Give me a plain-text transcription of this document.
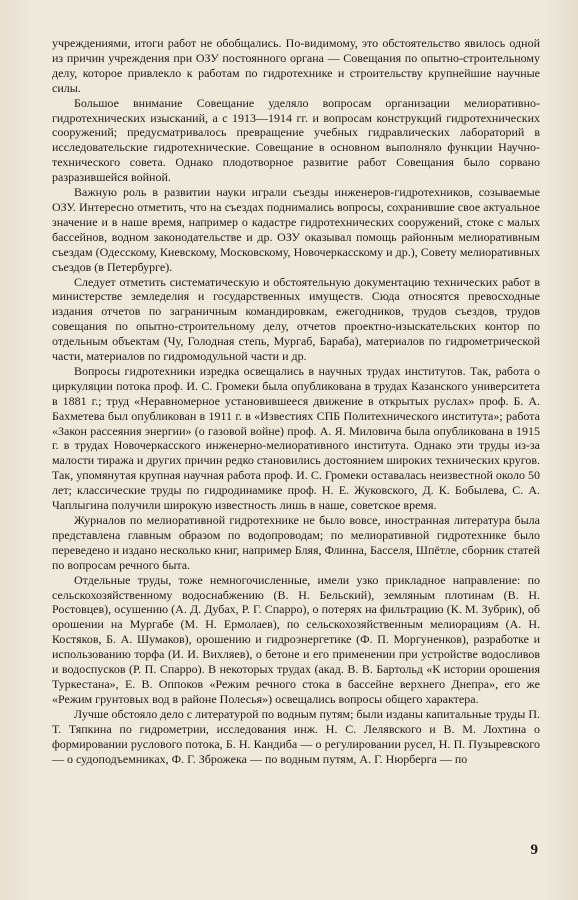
учреждениями, итоги работ не обобщались. По-видимому, это обстоятельство явилось одной из причин учреждения при ОЗУ постоянного органа — Совещания по опытно-строительному делу, которое привлекло к работам по гидротехнике и строительству крупнейшие научные силы.

Большое внимание Совещание уделяло вопросам организации мелиоративно-гидротехнических изысканий, а с 1913—1914 гг. и вопросам конструкций гидротехнических сооружений; предусматривалось превращение учебных гидравлических лабораторий в исследовательские гидротехнические. Совещание в основном выполняло функции Научно-технического совета. Однако плодотворное развитие работ Совещания было сорвано разразившейся войной.

Важную роль в развитии науки играли съезды инженеров-гидротехников, созываемые ОЗУ. Интересно отметить, что на съездах поднимались вопросы, сохранившие свое актуальное значение и в наше время, например о кадастре гидротехнических сооружений, стоке с малых бассейнов, водном законодательстве и др. ОЗУ оказывал помощь районным мелиоративным съездам (Одесскому, Киевскому, Московскому, Новочеркасскому и др.), Совету мелиоративных съездов (в Петербурге).

Следует отметить систематическую и обстоятельную документацию технических работ в министерстве земледелия и государственных имуществ. Сюда относятся превосходные издания отчетов по заграничным командировкам, ежегодников, трудов съездов, трудов совещания по опытно-строительному делу, отчетов проектно-изыскательских контор по отдельным объектам (Чу, Голодная степь, Мургаб, Бараба), материалов по гидрометрической части, материалов по гидромодульной части и др.

Вопросы гидротехники изредка освещались в научных трудах институтов. Так, работа о циркуляции потока проф. И. С. Громеки была опубликована в трудах Казанского университета в 1881 г.; труд «Неравномерное установившееся движение в открытых руслах» проф. Б. А. Бахметева был опубликован в 1911 г. в «Известиях СПБ Политехнического института»; работа «Закон рассеяния энергии» (о газовой войне) проф. А. Я. Миловича была опубликована в 1915 г. в трудах Новочеркасского инженерно-мелиоративного института. Однако эти труды из-за малости тиража и других причин редко становились достоянием широких технических кругов. Так, упомянутая крупная научная работа проф. И. С. Громеки оставалась неизвестной около 50 лет; классические труды по гидродинамике проф. Н. Е. Жуковского, Д. К. Бобылева, С. А. Чаплыгина получили широкую известность лишь в наше, советское время.

Журналов по мелиоративной гидротехнике не было вовсе, иностранная литература была представлена главным образом по водопроводам; по мелиоративной гидротехнике было переведено и издано несколько книг, например Бляя, Флинна, Басселя, Шпётле, сборник статей по вопросам речного быта.

Отдельные труды, тоже немногочисленные, имели узко прикладное направление: по сельскохозяйственному водоснабжению (В. Н. Бельский), земляным плотинам (В. Н. Ростовцев), осушению (А. Д. Дубах, Р. Г. Спарро), о потерях на фильтрацию (К. М. Зубрик), об орошении на Мургабе (М. Н. Ермолаев), по сельскохозяйственным мелиорациям (А. Н. Костяков, Б. А. Шумаков), орошению и гидроэнергетике (Ф. П. Моргуненков), разработке и использованию торфа (И. И. Вихляев), о бетоне и его применении при устройстве водосливов и водоспусков (Р. П. Спарро). В некоторых трудах (акад. В. В. Бартольд «К истории орошения Туркестана», Е. В. Оппоков «Режим речного стока в бассейне верхнего Днепра», его же «Режим грунтовых вод в районе Полесья») освещались вопросы общего характера.

Лучше обстояло дело с литературой по водным путям; были изданы капитальные труды П. Т. Тяпкина по гидрометрии, исследования инж. Н. С. Лелявского и В. М. Лохтина о формировании руслового потока, Б. Н. Кандиба — о регулировании русел, Н. П. Пузыревского — о судоподъемниках, Ф. Г. Зброжека — по водным путям, А. Г. Нюрберга — по

9
